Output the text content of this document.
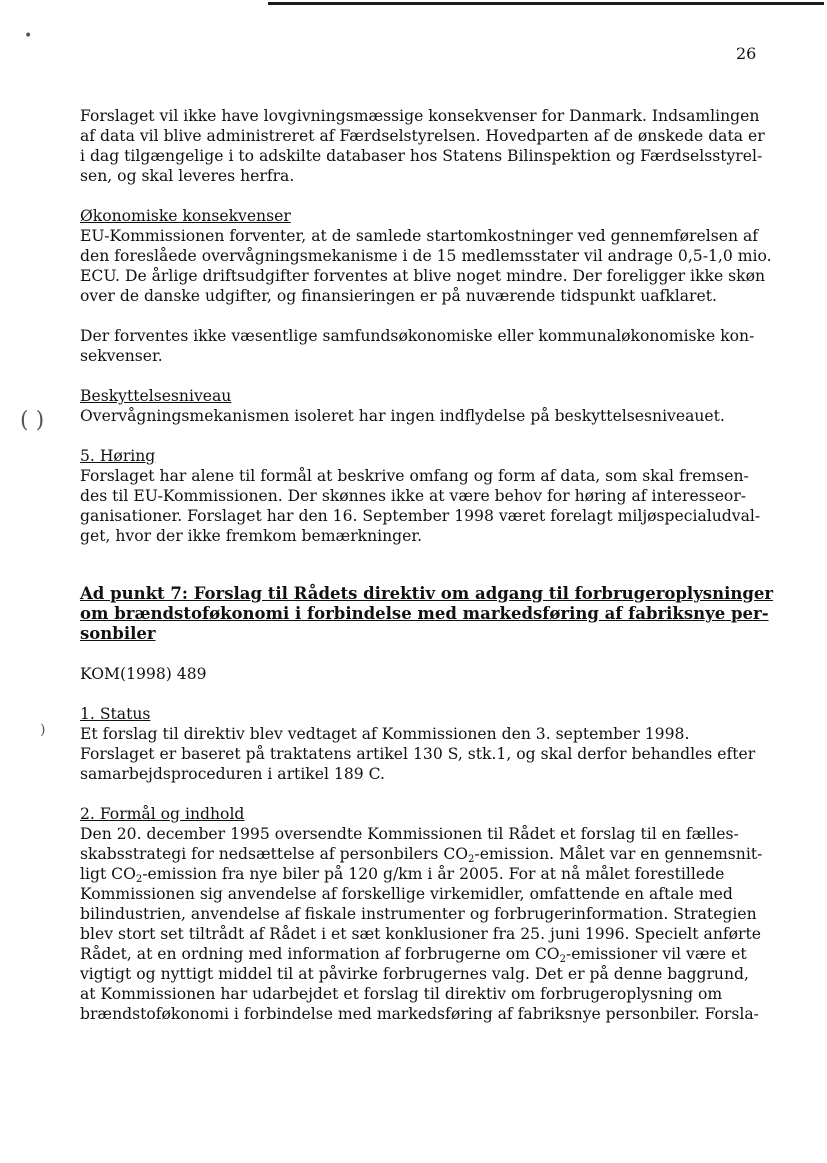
•
( )
)
26
Forslaget vil ikke have lovgivningsmæssige konsekvenser for Danmark. Indsamlingen
af data vil blive administreret af Færdselstyrelsen. Hovedparten af de ønskede data er
i dag tilgængelige i to adskilte databaser hos Statens Bilinspektion og Færdselsstyrel-
sen, og skal leveres herfra.
Økonomiske konsekvenser
EU-Kommissionen forventer, at de samlede startomkostninger ved gennemførelsen af
den foreslåede overvågningsmekanisme i de 15 medlemsstater vil andrage 0,5-1,0 mio.
ECU. De årlige driftsudgifter forventes at blive noget mindre. Der foreligger ikke skøn
over de danske udgifter, og finansieringen er på nuværende tidspunkt uafklaret.
Der forventes ikke væsentlige samfundsøkonomiske eller kommunaløkonomiske kon-
sekvenser.
Beskyttelsesniveau
Overvågningsmekanismen isoleret har ingen indflydelse på beskyttelsesniveauet.
5. Høring
Forslaget har alene til formål at beskrive omfang og form af data, som skal fremsen-
des til EU-Kommissionen. Der skønnes ikke at være behov for høring af interesseor-
ganisationer. Forslaget har den 16. September 1998 været forelagt miljøspecialudval-
get, hvor der ikke fremkom bemærkninger.
Ad punkt 7: Forslag til Rådets direktiv om adgang til forbrugeroplysninger
om brændstoføkonomi i forbindelse med markedsføring af fabriksnye per-
sonbiler
KOM(1998) 489
1. Status
Et forslag til direktiv blev vedtaget af Kommissionen den 3. september 1998.
Forslaget er baseret på traktatens artikel 130 S, stk.1, og skal derfor behandles efter
samarbejdsproceduren i artikel 189 C.
2. Formål og indhold
Den 20. december 1995 oversendte Kommissionen til Rådet et forslag til en fælles-
skabsstrategi for nedsættelse af personbilers $CO_2$-emission. Målet var en gennemsnit-
ligt $CO_2$-emission fra nye biler på 120 g/km i år 2005. For at nå målet forestillede
Kommissionen sig anvendelse af forskellige virkemidler, omfattende en aftale med
bilindustrien, anvendelse af fiskale instrumenter og forbrugerinformation. Strategien
blev stort set tiltrådt af Rådet i et sæt konklusioner fra 25. juni 1996. Specielt anførte
Rådet, at en ordning med information af forbrugerne om $CO_2$-emissioner vil være et
vigtigt og nyttigt middel til at påvirke forbrugernes valg. Det er på denne baggrund,
at Kommissionen har udarbejdet et forslag til direktiv om forbrugeroplysning om
brændstoføkonomi i forbindelse med markedsføring af fabriksnye personbiler. Forsla-
